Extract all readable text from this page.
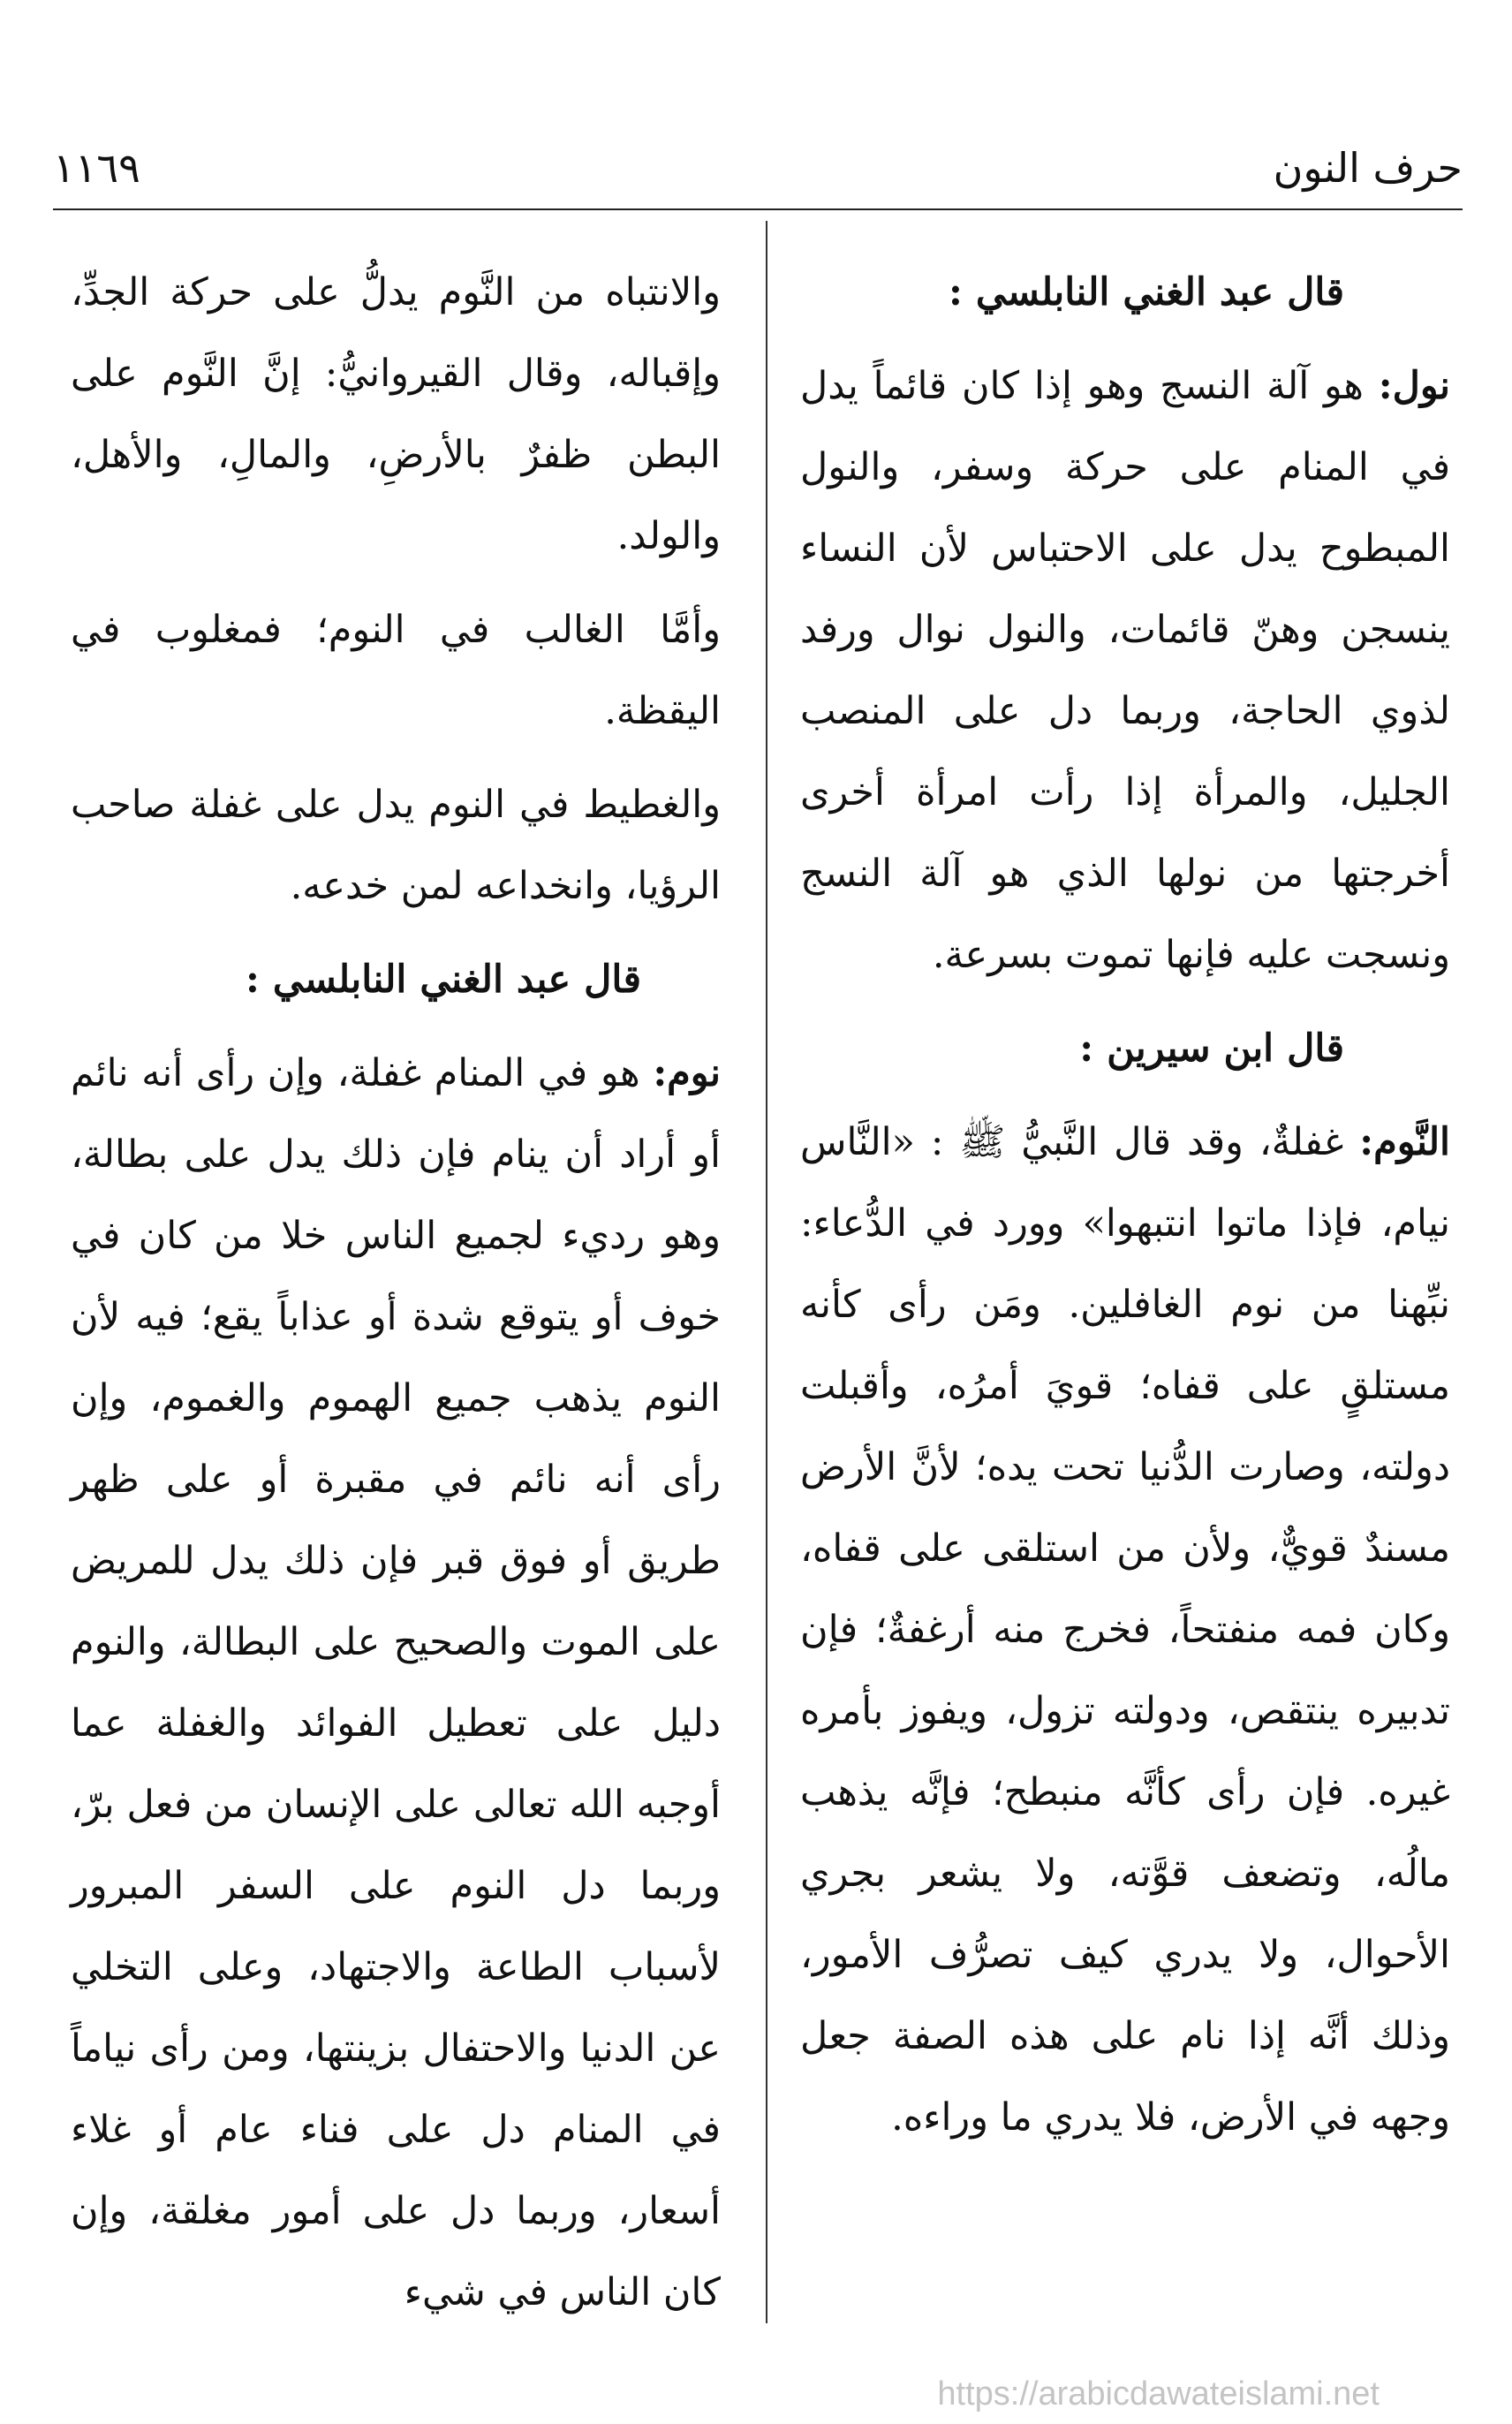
حرف النون
١١٦٩
قال عبد الغني النابلسي :

نول: هو آلة النسج وهو إذا كان قائماً يدل في المنام على حركة وسفر، والنول المبطوح يدل على الاحتباس لأن النساء ينسجن وهنّ قائمات، والنول نوال ورفد لذوي الحاجة، وربما دل على المنصب الجليل، والمرأة إذا رأت امرأة أخرى أخرجتها من نولها الذي هو آلة النسج ونسجت عليه فإنها تموت بسرعة.

قال ابن سيرين :

النَّوم: غفلةٌ، وقد قال النَّبيُّ ﷺ : «النَّاس نيام، فإذا ماتوا انتبهوا» وورد في الدُّعاء: نبِّهنا من نوم الغافلين. ومَن رأى كأنه مستلقٍ على قفاه؛ قويَ أمرُه، وأقبلت دولته، وصارت الدُّنيا تحت يده؛ لأنَّ الأرض مسندٌ قويٌّ، ولأن من استلقى على قفاه، وكان فمه منفتحاً، فخرج منه أرغفةٌ؛ فإن تدبيره ينتقص، ودولته تزول، ويفوز بأمره غيره. فإن رأى كأنَّه منبطح؛ فإنَّه يذهب مالُه، وتضعف قوَّته، ولا يشعر بجري الأحوال، ولا يدري كيف تصرُّف الأمور، وذلك أنَّه إذا نام على هذه الصفة جعل وجهه في الأرض، فلا يدري ما وراءه.

والانتباه من النَّوم يدلُّ على حركة الجدِّ، وإقباله، وقال القيروانيُّ: إنَّ النَّوم على البطن ظفرٌ بالأرضِ، والمالِ، والأهل، والولد.

وأمَّا الغالب في النوم؛ فمغلوب في اليقظة.

والغطيط في النوم يدل على غفلة صاحب الرؤيا، وانخداعه لمن خدعه.

قال عبد الغني النابلسي :

نوم: هو في المنام غفلة، وإن رأى أنه نائم أو أراد أن ينام فإن ذلك يدل على بطالة، وهو رديء لجميع الناس خلا من كان في خوف أو يتوقع شدة أو عذاباً يقع؛ فيه لأن النوم يذهب جميع الهموم والغموم، وإن رأى أنه نائم في مقبرة أو على ظهر طريق أو فوق قبر فإن ذلك يدل للمريض على الموت والصحيح على البطالة، والنوم دليل على تعطيل الفوائد والغفلة عما أوجبه الله تعالى على الإنسان من فعل برّ، وربما دل النوم على السفر المبرور لأسباب الطاعة والاجتهاد، وعلى التخلي عن الدنيا والاحتفال بزينتها، ومن رأى نياماً في المنام دل على فناء عام أو غلاء أسعار، وربما دل على أمور مغلقة، وإن كان الناس في شيء

https://arabicdawateislami.net
